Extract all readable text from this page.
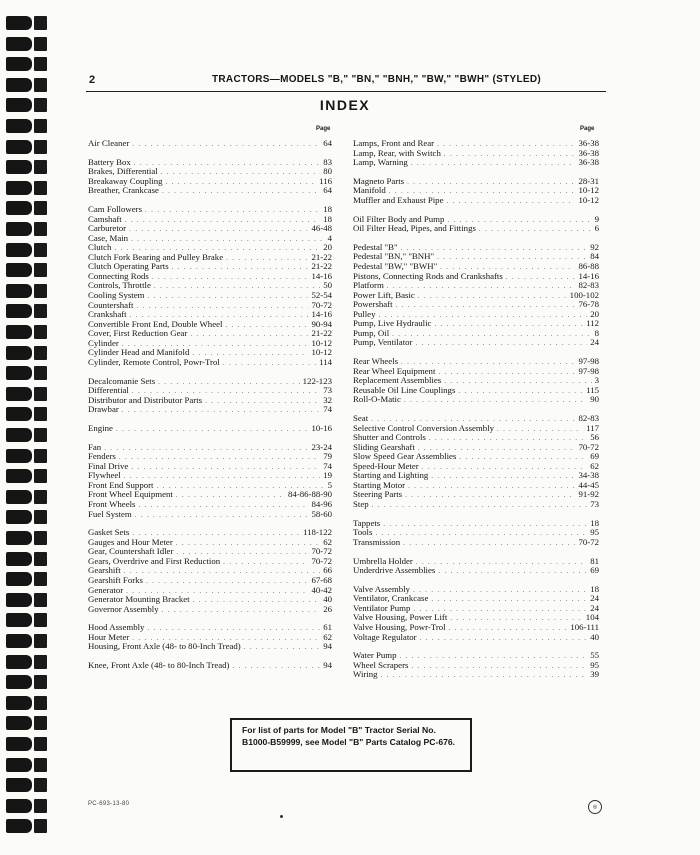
2	TRACTORS—MODELS "B," "BN," "BNH," "BW," "BWH" (STYLED)
INDEX
Page	Page
Air Cleaner . . .	64
Battery Box . . .	83
Brakes, Differential . . .	80
Breakaway Coupling . . .	116
Breather, Crankcase . . .	64
Cam Followers . . .	18
Camshaft . . .	18
Carburetor . . .	46-48
Case, Main . . .	4
Clutch . . .	20
Clutch Fork Bearing and Pulley Brake . . .	21-22
Clutch Operating Parts . . .	21-22
Connecting Rods . . .	14-16
Controls, Throttle . . .	50
Cooling System . . .	52-54
Countershaft . . .	70-72
Crankshaft . . .	14-16
Convertible Front End, Double Wheel . . .	90-94
Cover, First Reduction Gear . . .	21-22
Cylinder . . .	10-12
Cylinder Head and Manifold . . .	10-12
Cylinder, Remote Control, Powr-Trol . . .	114
Decalcomanie Sets . . .	122-123
Differential . . .	73
Distributor and Distributor Parts . . .	32
Drawbar . . .	74
Engine . . .	10-16
Fan . . .	23-24
Fenders . . .	79
Final Drive . . .	74
Flywheel . . .	19
Front End Support . . .	5
Front Wheel Equipment . . .	84-86-88-90
Front Wheels . . .	84-96
Fuel System . . .	58-60
Gasket Sets . . .	118-122
Gauges and Hour Meter . . .	62
Gear, Countershaft Idler . . .	70-72
Gears, Overdrive and First Reduction . . .	70-72
Gearshift . . .	66
Gearshift Forks . . .	67-68
Generator . . .	40-42
Generator Mounting Bracket . . .	40
Governor Assembly . . .	26
Hood Assembly . . .	61
Hour Meter . . .	62
Housing, Front Axle (48- to 80-Inch Tread) . . .	94
Knee, Front Axle (48- to 80-Inch Tread) . . .	94
Lamps, Front and Rear . . .	36-38
Lamp, Rear, with Switch . . .	36-38
Lamp, Warning . . .	36-38
Magneto Parts . . .	28-31
Manifold . . .	10-12
Muffler and Exhaust Pipe . . .	10-12
Oil Filter Body and Pump . . .	9
Oil Filter Head, Pipes, and Fittings . . .	6
Pedestal "B" . . .	92
Pedestal "BN," "BNH" . . .	84
Pedestal "BW," "BWH" . . .	86-88
Pistons, Connecting Rods and Crankshafts . . .	14-16
Platform . . .	82-83
Power Lift, Basic . . .	100-102
Powershaft . . .	76-78
Pulley . . .	20
Pump, Live Hydraulic . . .	112
Pump, Oil . . .	8
Pump, Ventilator . . .	24
Rear Wheels . . .	97-98
Rear Wheel Equipment . . .	97-98
Replacement Assemblies . . .	3
Reusable Oil Line Couplings . . .	115
Roll-O-Matic . . .	90
Seat . . .	82-83
Selective Control Conversion Assembly . . .	117
Shutter and Controls . . .	56
Sliding Gearshaft . . .	70-72
Slow Speed Gear Assemblies . . .	69
Speed-Hour Meter . . .	62
Starting and Lighting . . .	34-38
Starting Motor . . .	44-45
Steering Parts . . .	91-92
Step . . .	73
Tappets . . .	18
Tools . . .	95
Transmission . . .	70-72
Umbrella Holder . . .	81
Underdrive Assemblies . . .	69
Valve Assembly . . .	18
Ventilator, Crankcase . . .	24
Ventilator Pump . . .	24
Valve Housing, Power Lift . . .	104
Valve Housing, Powr-Trol . . .	106-111
Voltage Regulator . . .	40
Water Pump . . .	55
Wheel Scrapers . . .	95
Wiring . . .	39

For list of parts for Model "B" Tractor Serial No. B1000-B59999, see Model "B" Parts Catalog PC-676.

PC-693-13-80	◎
